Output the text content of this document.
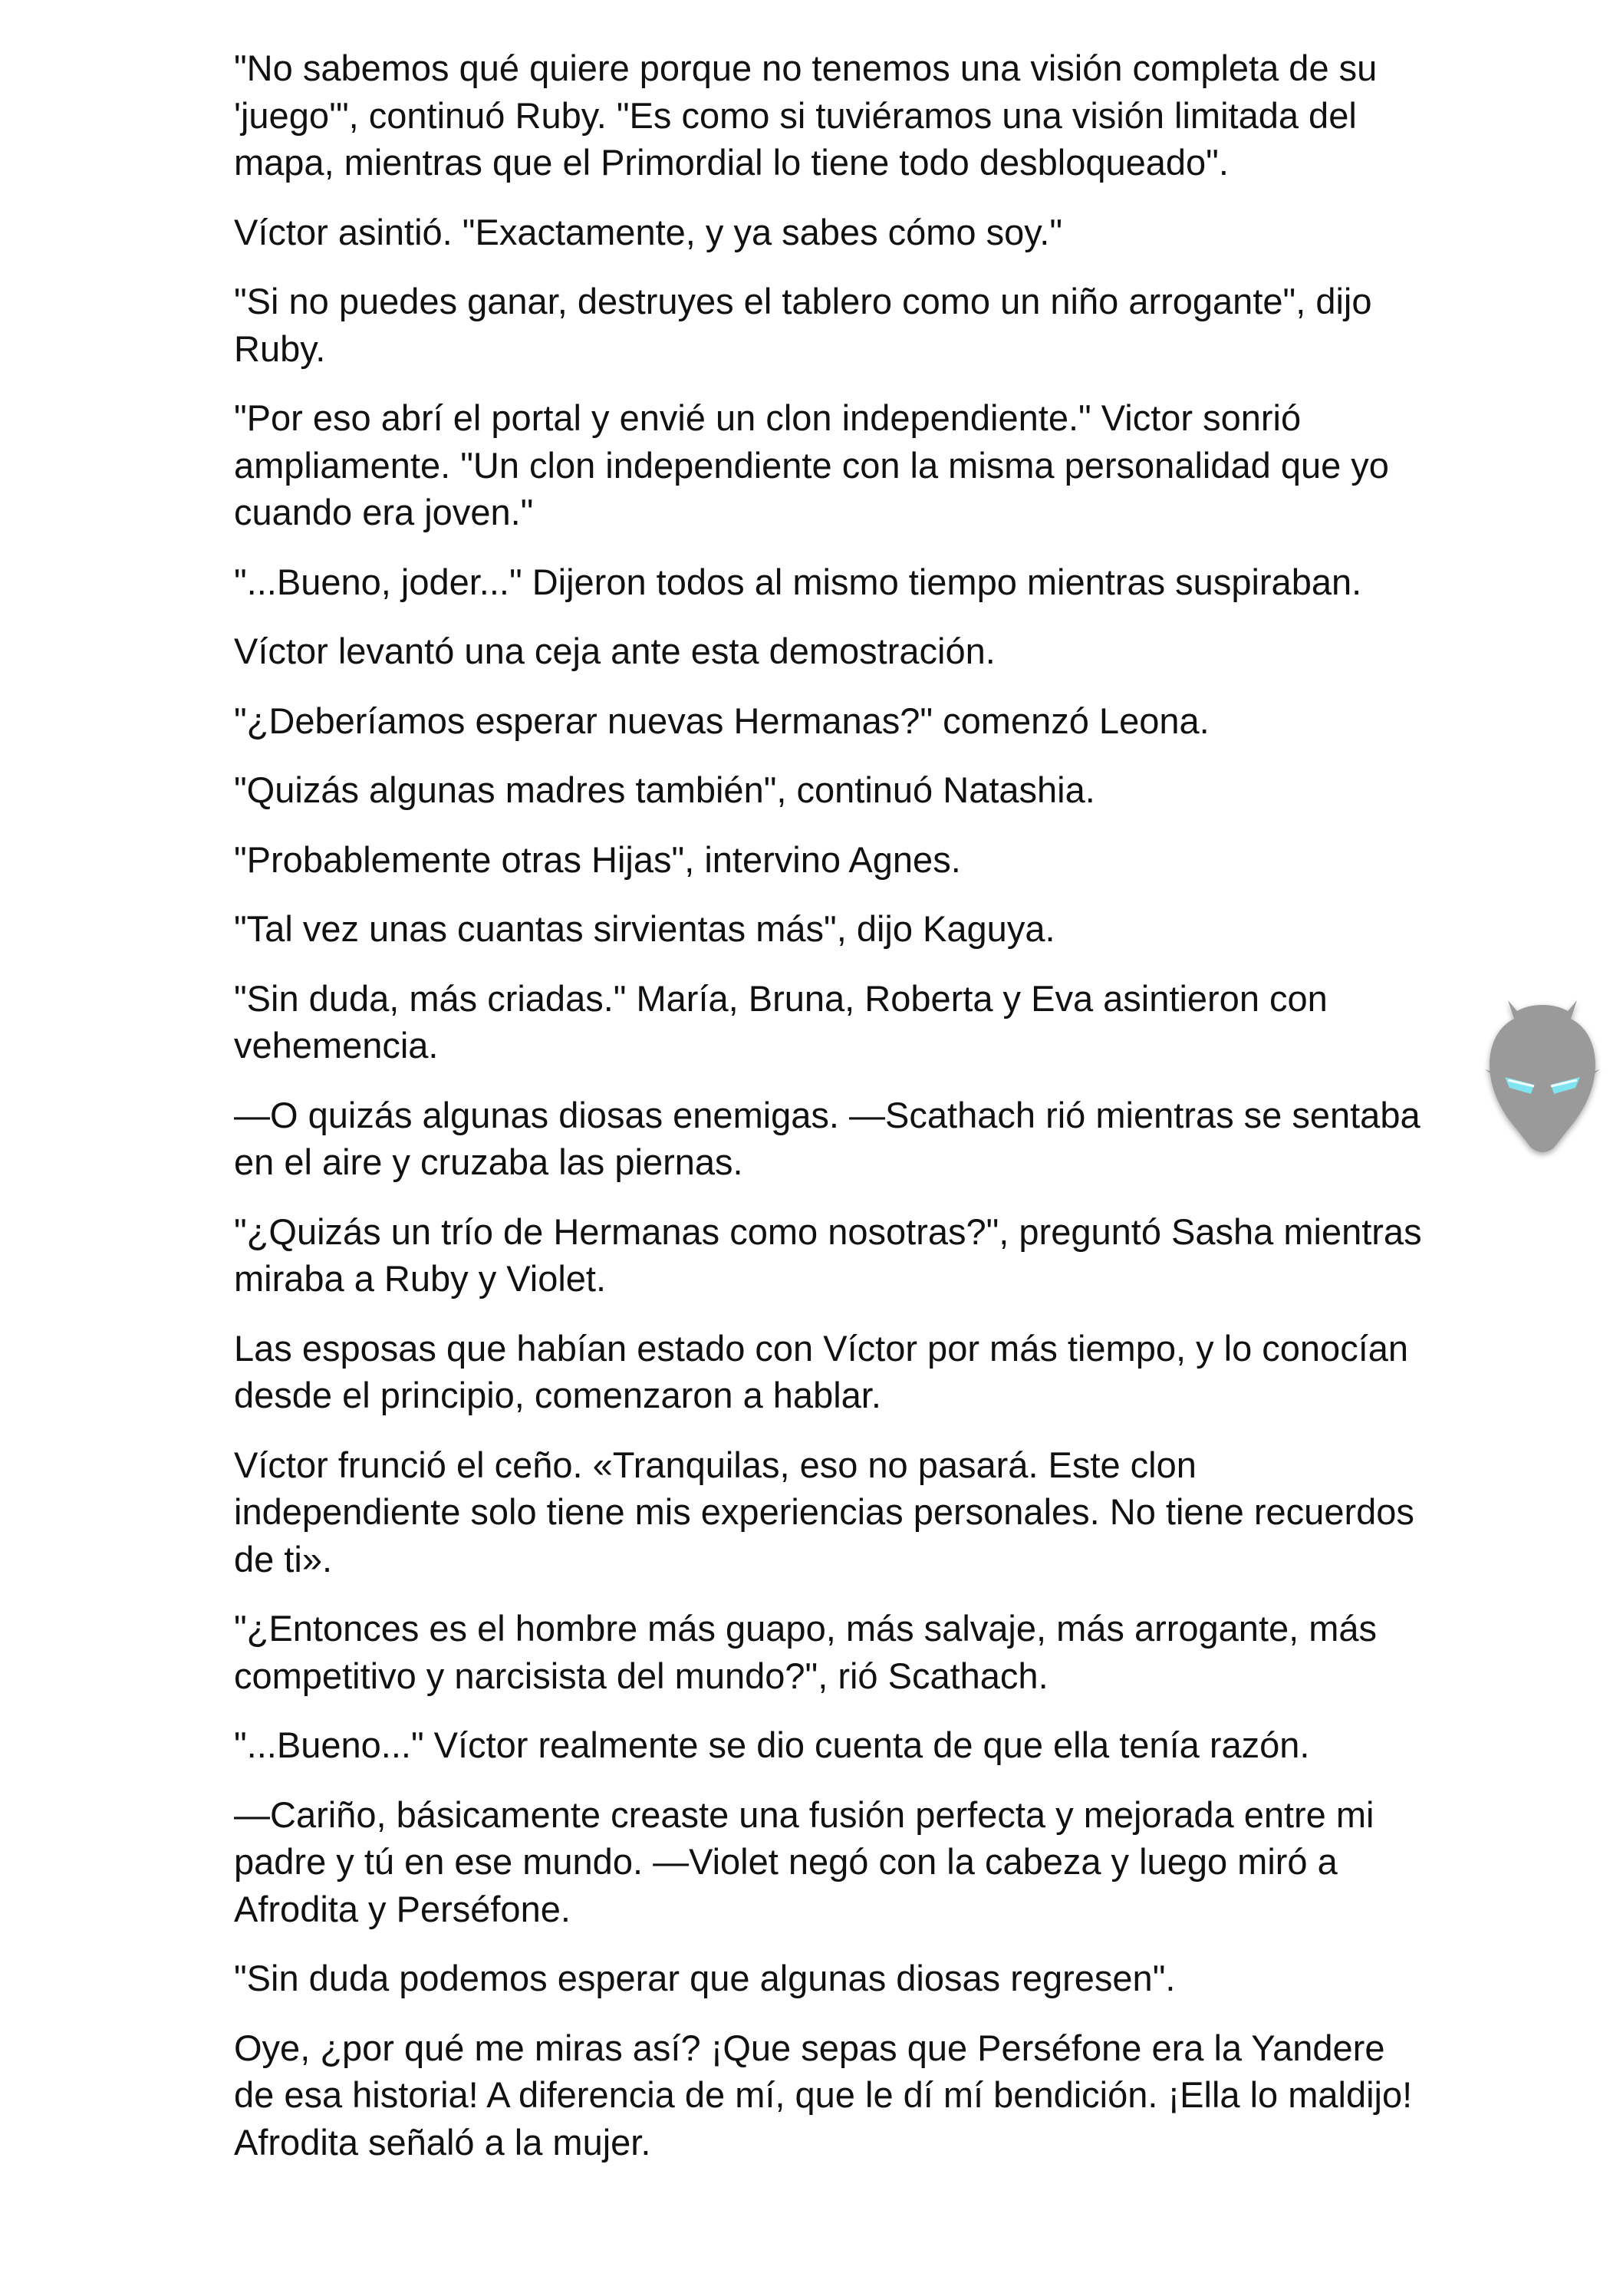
"No sabemos qué quiere porque no tenemos una visión completa de su 'juego'", continuó Ruby. "Es como si tuviéramos una visión limitada del mapa, mientras que el Primordial lo tiene todo desbloqueado".

Víctor asintió. "Exactamente, y ya sabes cómo soy."

"Si no puedes ganar, destruyes el tablero como un niño arrogante", dijo Ruby.

"Por eso abrí el portal y envié un clon independiente." Victor sonrió ampliamente. "Un clon independiente con la misma personalidad que yo cuando era joven."

"...Bueno, joder..." Dijeron todos al mismo tiempo mientras suspiraban.

Víctor levantó una ceja ante esta demostración.

"¿Deberíamos esperar nuevas Hermanas?" comenzó Leona.

"Quizás algunas madres también", continuó Natashia.

"Probablemente otras Hijas", intervino Agnes.

"Tal vez unas cuantas sirvientas más", dijo Kaguya.

"Sin duda, más criadas." María, Bruna, Roberta y Eva asintieron con vehemencia.

—O quizás algunas diosas enemigas. —Scathach rió mientras se sentaba en el aire y cruzaba las piernas.

"¿Quizás un trío de Hermanas como nosotras?", preguntó Sasha mientras miraba a Ruby y Violet.

Las esposas que habían estado con Víctor por más tiempo, y lo conocían desde el principio, comenzaron a hablar.

Víctor frunció el ceño. «Tranquilas, eso no pasará. Este clon independiente solo tiene mis experiencias personales. No tiene recuerdos de ti».

"¿Entonces es el hombre más guapo, más salvaje, más arrogante, más competitivo y narcisista del mundo?", rió Scathach.

"...Bueno..." Víctor realmente se dio cuenta de que ella tenía razón.

—Cariño, básicamente creaste una fusión perfecta y mejorada entre mi padre y tú en ese mundo. —Violet negó con la cabeza y luego miró a Afrodita y Perséfone.

"Sin duda podemos esperar que algunas diosas regresen".

Oye, ¿por qué me miras así? ¡Que sepas que Perséfone era la Yandere de esa historia! A diferencia de mí, que le dí mí bendición. ¡Ella lo maldijo! Afrodita señaló a la mujer.
